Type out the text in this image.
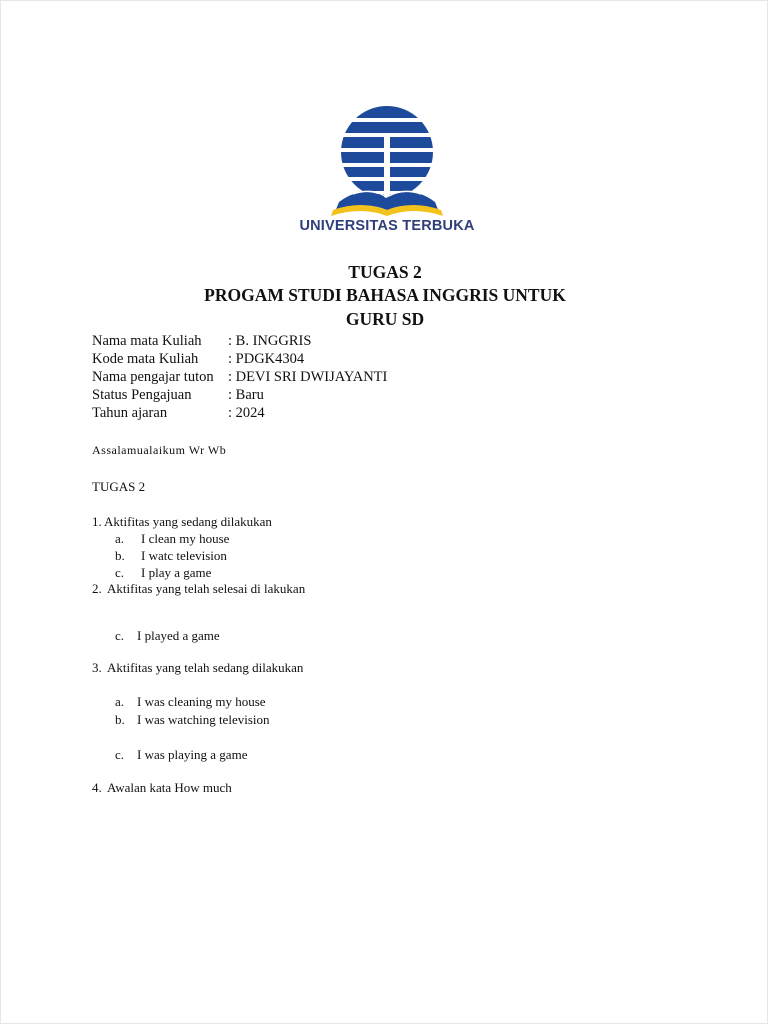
UNIVERSITAS TERBUKA
TUGAS 2
PROGAM STUDI BAHASA INGGRIS UNTUK
GURU SD
Nama mata Kuliah : B. INGGRIS
Kode mata Kuliah : PDGK4304
Nama pengajar tuton : DEVI SRI DWIJAYANTI
Status Pengajuan	: Baru
Tahun ajaran	: 2024
Assalamualaikum Wr Wb
TUGAS 2
1. Aktifitas yang sedang dilakukan
a. I clean my house
b. I watc television
c. I play a game
2. Aktifitas yang telah selesai di lakukan
c. I played a game
3. Aktifitas yang telah sedang dilakukan
a. I was cleaning my house
b. I was watching television
c. I was playing a game
4. Awalan kata How much
